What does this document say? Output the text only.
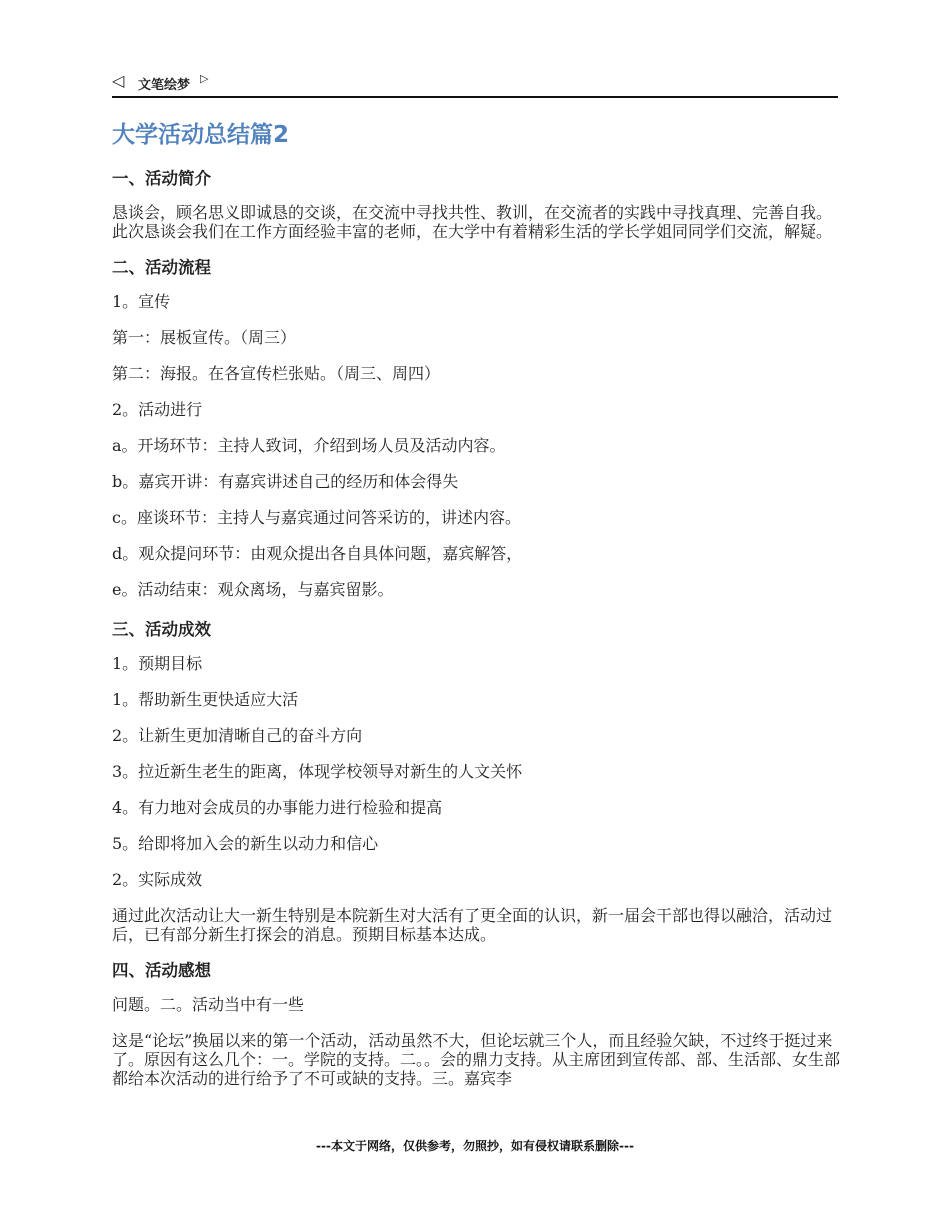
◁ 文笔绘梦 ▷
大学活动总结篇2
一、活动简介
恳谈会，顾名思义即诚恳的交谈，在交流中寻找共性、教训，在交流者的实践中寻找真理、完善自我。此次恳谈会我们在工作方面经验丰富的老师，在大学中有着精彩生活的学长学姐同同学们交流，解疑。
二、活动流程
1。宣传
第一：展板宣传。（周三）
第二：海报。在各宣传栏张贴。（周三、周四）
2。活动进行
a。开场环节：主持人致词，介绍到场人员及活动内容。
b。嘉宾开讲：有嘉宾讲述自己的经历和体会得失
c。座谈环节：主持人与嘉宾通过问答采访的，讲述内容。
d。观众提问环节：由观众提出各自具体问题，嘉宾解答，
e。活动结束：观众离场，与嘉宾留影。
三、活动成效
1。预期目标
1。帮助新生更快适应大活
2。让新生更加清晰自己的奋斗方向
3。拉近新生老生的距离，体现学校领导对新生的人文关怀
4。有力地对会成员的办事能力进行检验和提高
5。给即将加入会的新生以动力和信心
2。实际成效
通过此次活动让大一新生特别是本院新生对大活有了更全面的认识，新一届会干部也得以融洽，活动过后，已有部分新生打探会的消息。预期目标基本达成。
四、活动感想
问题。二。活动当中有一些
这是“论坛”换届以来的第一个活动，活动虽然不大，但论坛就三个人，而且经验欠缺，不过终于挺过来了。原因有这么几个：一。学院的支持。二。。会的鼎力支持。从主席团到宣传部、部、生活部、女生部都给本次活动的进行给予了不可或缺的支持。三。嘉宾李
---本文于网络，仅供参考，勿照抄，如有侵权请联系删除---
